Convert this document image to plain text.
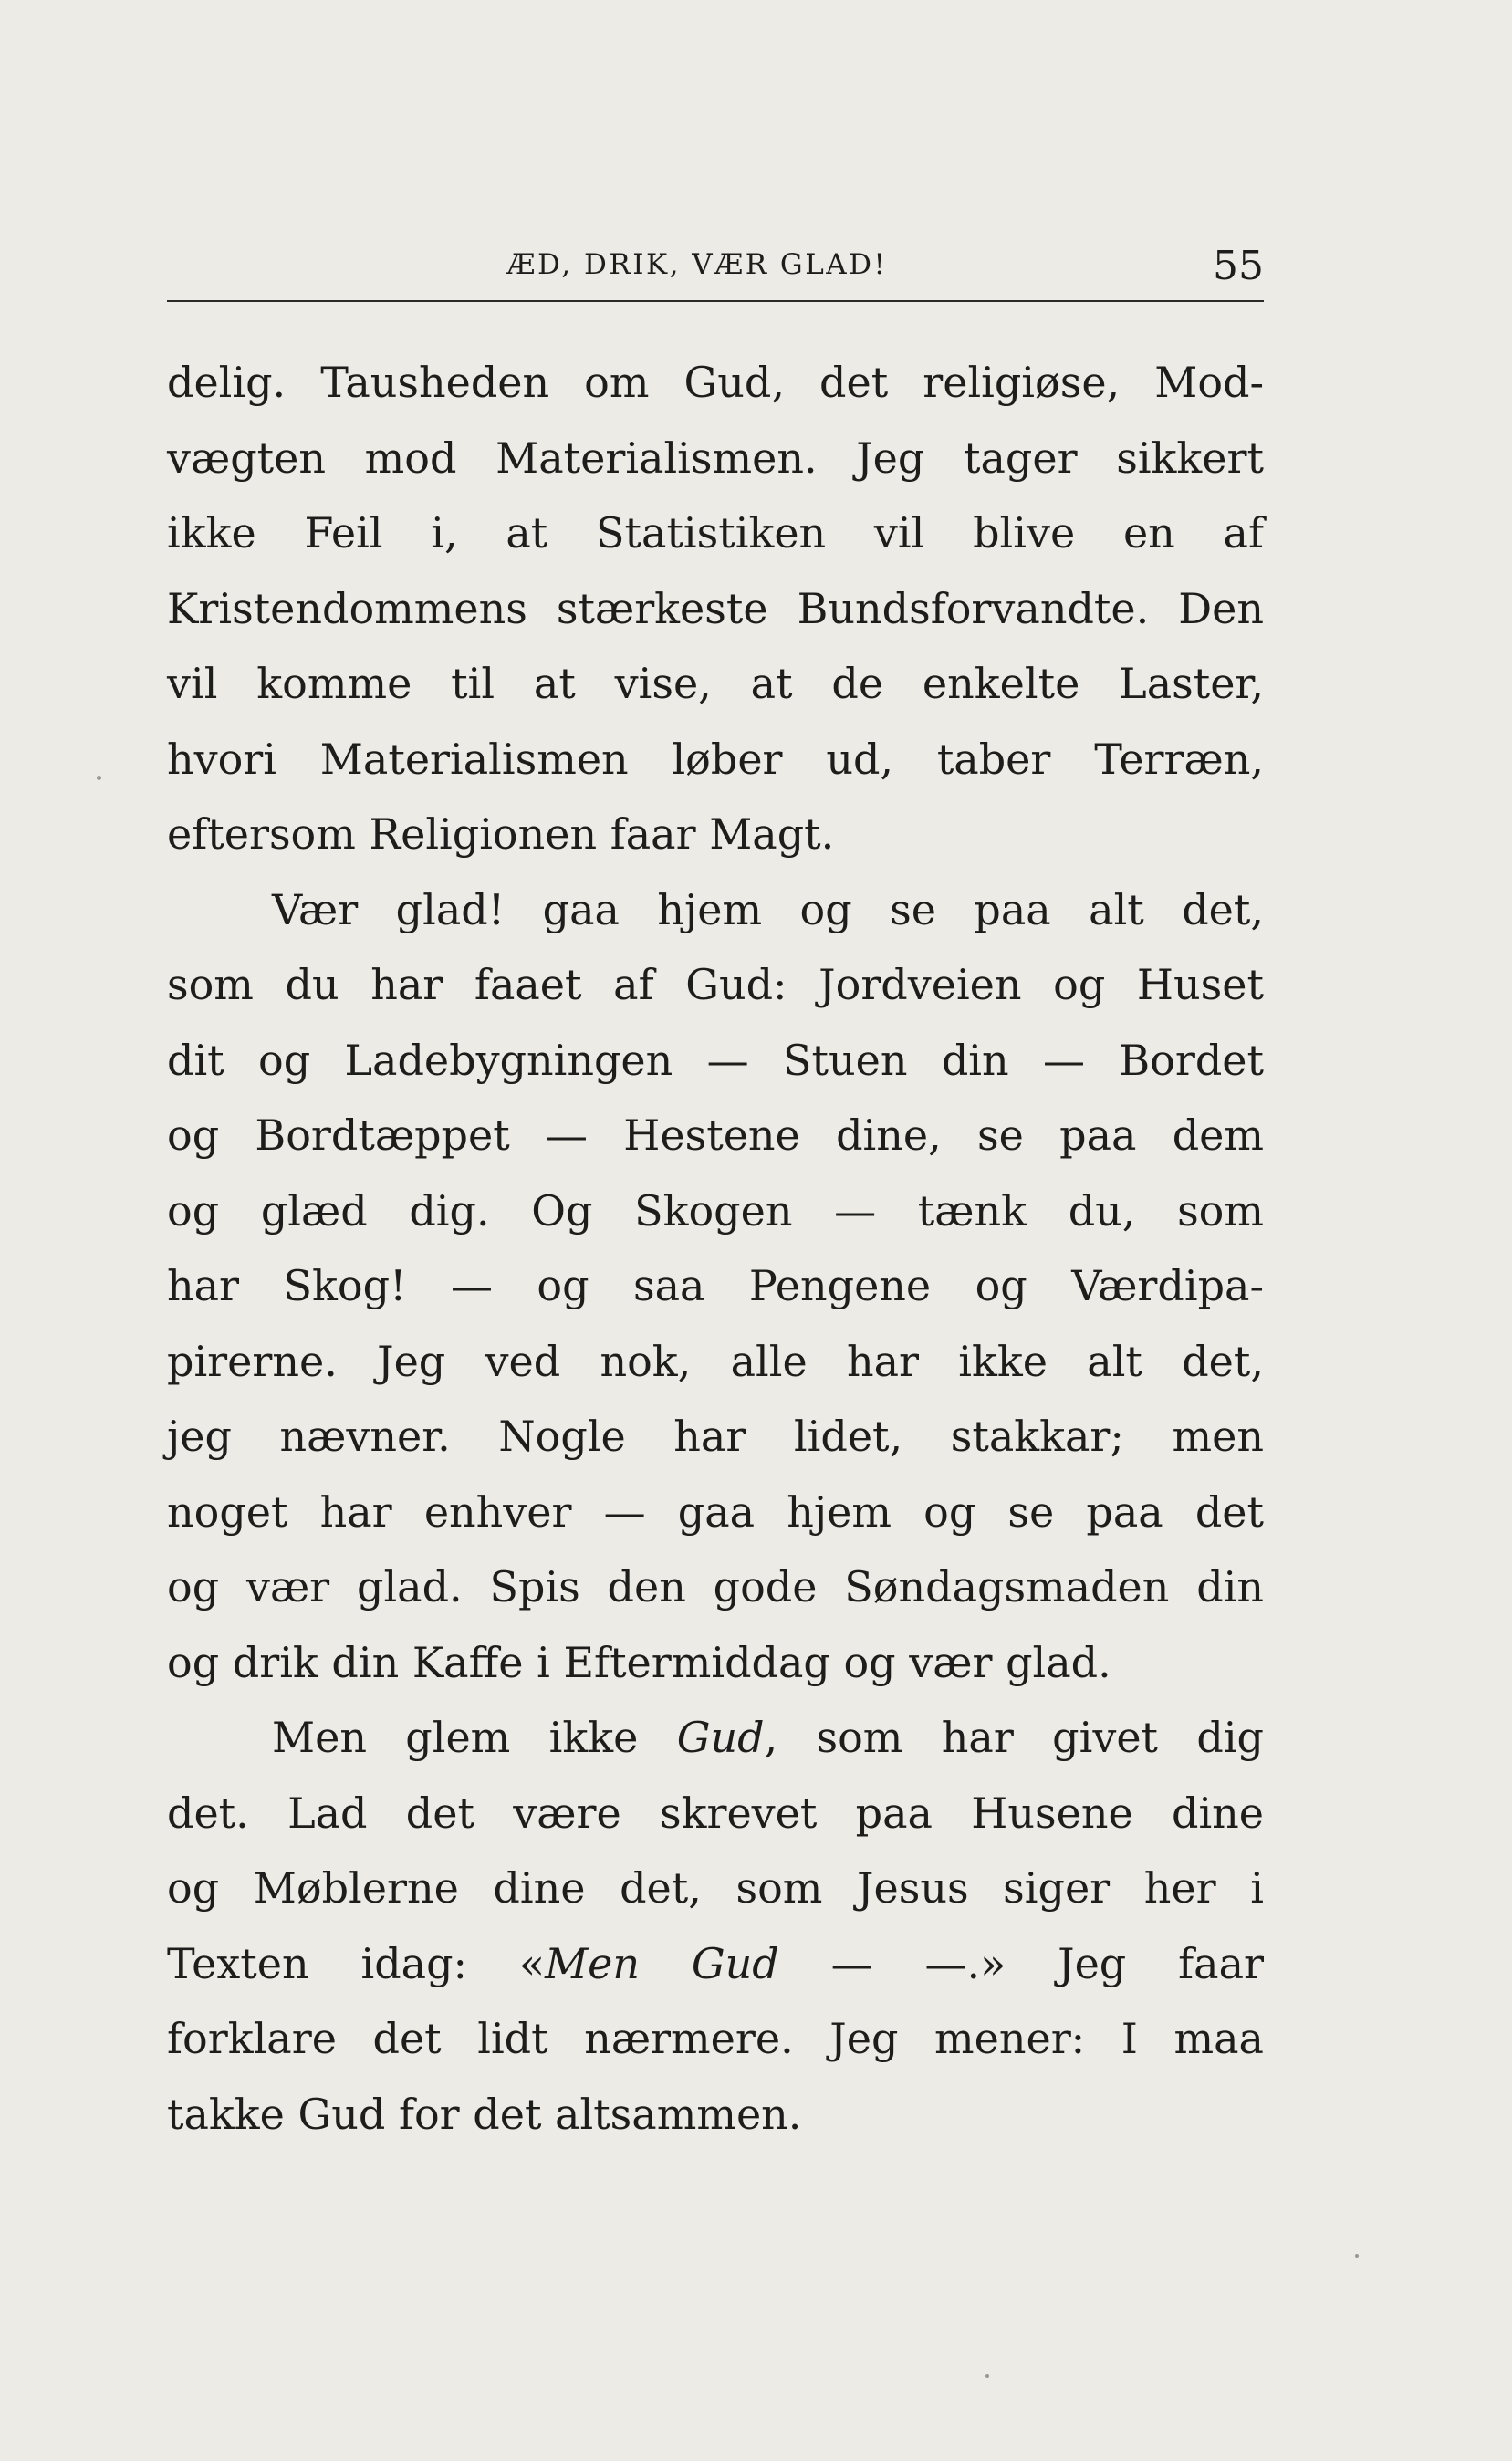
ÆD, DRIK, VÆR GLAD!	55
delig. Tausheden om Gud, det religiøse, Mod-
vægten mod Materialismen. Jeg tager sikkert
ikke Feil i, at Statistiken vil blive en af
Kristendommens stærkeste Bundsforvandte. Den
vil komme til at vise, at de enkelte Laster,
hvori Materialismen løber ud, taber Terræn,
eftersom Religionen faar Magt.
Vær glad! gaa hjem og se paa alt det,
som du har faaet af Gud: Jordveien og Huset
dit og Ladebygningen — Stuen din — Bordet
og Bordtæppet — Hestene dine, se paa dem
og glæd dig. Og Skogen — tænk du, som
har Skog! — og saa Pengene og Værdipa-
pirerne. Jeg ved nok, alle har ikke alt det,
jeg nævner. Nogle har lidet, stakkar; men
noget har enhver — gaa hjem og se paa det
og vær glad. Spis den gode Søndagsmaden din
og drik din Kaffe i Eftermiddag og vær glad.
Men glem ikke Gud, som har givet dig
det. Lad det være skrevet paa Husene dine
og Møblerne dine det, som Jesus siger her i
Texten idag: «Men Gud — —.» Jeg faar
forklare det lidt nærmere. Jeg mener: I maa
takke Gud for det altsammen.
